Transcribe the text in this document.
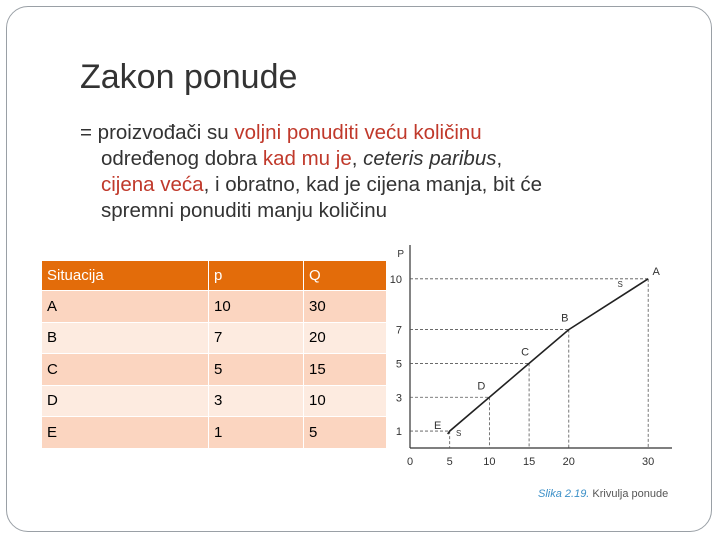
Zakon ponude
= proizvođači su voljni ponuditi veću količinu
određenog dobra kad mu je, ceteris paribus,
cijena veća, i obratno, kad je cijena manja, bit će
spremni ponuditi manju količinu
Situacija	p	Q
A	10	30
B	7	20
C	5	15
D	3	10
E	1	5
P
0	5	10 15 20	30
1
3
5
7
10
E
D
C
B
A
S
S
Slika 2.19. Krivulja ponude
